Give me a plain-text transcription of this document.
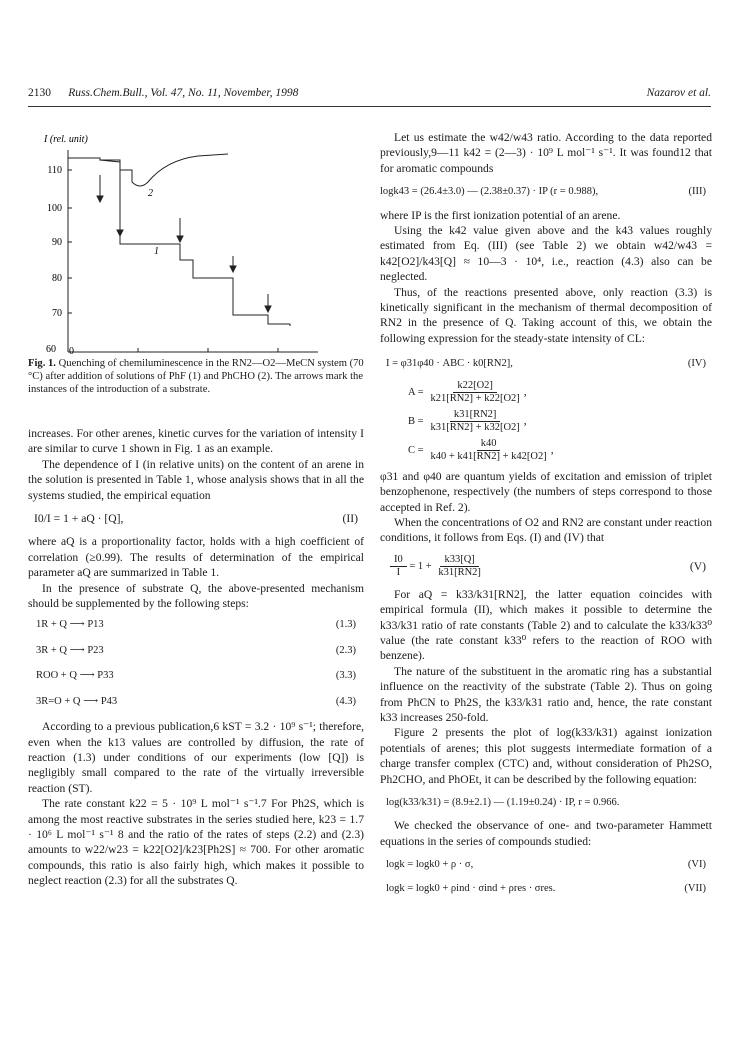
2130 Russ.Chem.Bull., Vol. 47, No. 11, November, 1998	Nazarov et al.
I (rel. unit)
110
100
90
80
70
60 0
2
1
Fig. 1. Quenching of chemiluminescence in the RN2—O2—MeCN system (70 °C) after addition of solutions of PhF (1) and PhCHO (2). The arrows mark the instances of the introduction of a substrate.

increases. For other arenes, kinetic curves for the variation of intensity I are similar to curve 1 shown in Fig. 1 as an example.

The dependence of I (in relative units) on the content of an arene in the solution is presented in Table 1, whose analysis shows that in all the systems studied, the empirical equation

I0/I = 1 + aQ · [Q],	(II)

where aQ is a proportionality factor, holds with a high coefficient of correlation (≥0.99). The results of determination of the empirical parameter aQ are summarized in Table 1.

In the presence of substrate Q, the above-presented mechanism should be supplemented by the following steps:

1R + Q ⟶ P13	(1.3)
3R + Q ⟶ P23	(2.3)
ROO + Q ⟶ P33	(3.3)
3R=O + Q ⟶ P43	(4.3)

According to a previous publication,6 kST = 3.2 · 10⁹ s⁻¹; therefore, even when the k13 values are controlled by diffusion, the rate of reaction (1.3) under conditions of our experiments (low [Q]) is negligibly small compared to the rate of the virtually irreversible reaction (ST).

The rate constant k22 = 5 · 10⁹ L mol⁻¹ s⁻¹.7 For Ph2S, which is among the most reactive substrates in the series studied here, k23 = 1.7 · 10⁶ L mol⁻¹ s⁻¹ 8 and the ratio of the rates of steps (2.2) and (2.3) amounts to w22/w23 = k22[O2]/k23[Ph2S] ≈ 700. For other aromatic compounds, this ratio is also fairly high, which makes it possible to neglect reaction (2.3) for all the substrates Q.

Let us estimate the w42/w43 ratio. According to the data reported previously,9—11 k42 = (2—3) · 10⁹ L mol⁻¹ s⁻¹. It was found12 that for aromatic compounds

logk43 = (26.4±3.0) — (2.38±0.37) · IP (r = 0.988),	(III)

where IP is the first ionization potential of an arene.

Using the k42 value given above and the k43 values roughly estimated from Eq. (III) (see Table 2) we obtain w42/w43 = k42[O2]/k43[Q] ≈ 10—3 · 10⁴, i.e., reaction (4.3) also can be neglected.

Thus, of the reactions presented above, only reaction (3.3) is kinetically significant in the mechanism of thermal decomposition of RN2 in the presence of Q. Taking account of this, we obtain the following expression for the steady-state intensity of CL:

I = φ31φ40 · ABC · k0[RN2],	(IV)
$A = \frac{k22[O2]}{k21[RN2] + k22[O2]}$ ,
$B = \frac{k31[RN2]}{k31[RN2] + k32[O2]}$ ,
$C = \frac{k40}{k40 + k41[RN2] + k42[O2]}$ ,

φ31 and φ40 are quantum yields of excitation and emission of triplet benzophenone, respectively (the numbers of steps correspond to those accepted in Ref. 2).

When the concentrations of O2 and RN2 are constant under reaction conditions, it follows from Eqs. (I) and (IV) that

$\frac{I0}{I} = 1 + \frac{k33[Q]}{k31[RN2]}$	(V)

For aQ = k33/k31[RN2], the latter equation coincides with empirical formula (II), which makes it possible to determine the k33/k31 ratio of rate constants (Table 2) and to calculate the k33/k33⁰ value (the rate constant k33⁰ refers to the reaction of ROO with benzene).

The nature of the substituent in the aromatic ring has a substantial influence on the reactivity of the substrate (Table 2). Thus on going from PhCN to Ph2S, the k33/k31 ratio and, hence, the rate constant k33 increases 250-fold.

Figure 2 presents the plot of log(k33/k31) against ionization potentials of arenes; this plot suggests intermediate formation of a charge transfer complex (CTC) and, without consideration of Ph2SO, Ph2CHO, and PhOEt, it can be described by the following equation:

log(k33/k31) = (8.9±2.1) — (1.19±0.24) · IP, r = 0.966.

We checked the observance of one- and two-parameter Hammett equations in the series of compounds studied:

logk = logk0 + ρ · σ,	(VI)
logk = logk0 + ρind · σind + ρres · σres.	(VII)
